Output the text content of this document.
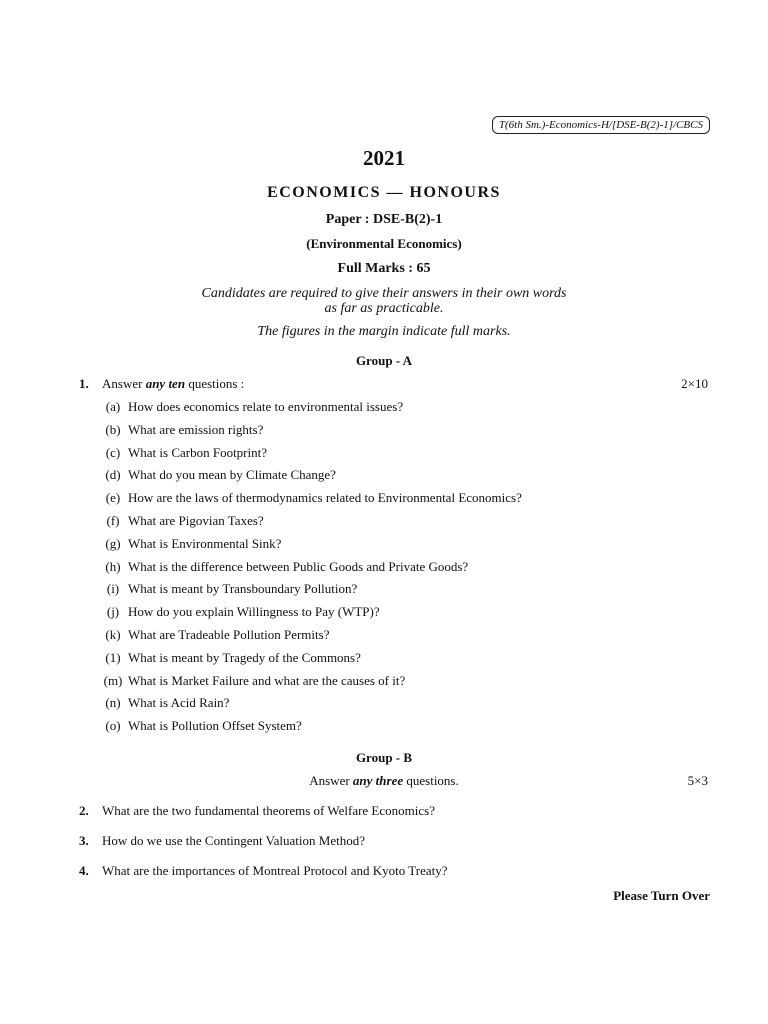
T(6th Sm.)-Economics-H/[DSE-B(2)-1]/CBCS
2021
ECONOMICS — HONOURS
Paper : DSE-B(2)-1
(Environmental Economics)
Full Marks : 65
Candidates are required to give their answers in their own words
as far as practicable.
The figures in the margin indicate full marks.
Group - A
1. Answer any ten questions :	2×10
(a) How does economics relate to environmental issues?
(b) What are emission rights?
(c) What is Carbon Footprint?
(d) What do you mean by Climate Change?
(e) How are the laws of thermodynamics related to Environmental Economics?
(f) What are Pigovian Taxes?
(g) What is Environmental Sink?
(h) What is the difference between Public Goods and Private Goods?
(i) What is meant by Transboundary Pollution?
(j) How do you explain Willingness to Pay (WTP)?
(k) What are Tradeable Pollution Permits?
(1) What is meant by Tragedy of the Commons?
(m) What is Market Failure and what are the causes of it?
(n) What is Acid Rain?
(o) What is Pollution Offset System?
Group - B
Answer any three questions.	5×3
2. What are the two fundamental theorems of Welfare Economics?
3. How do we use the Contingent Valuation Method?
4. What are the importances of Montreal Protocol and Kyoto Treaty?
Please Turn Over
